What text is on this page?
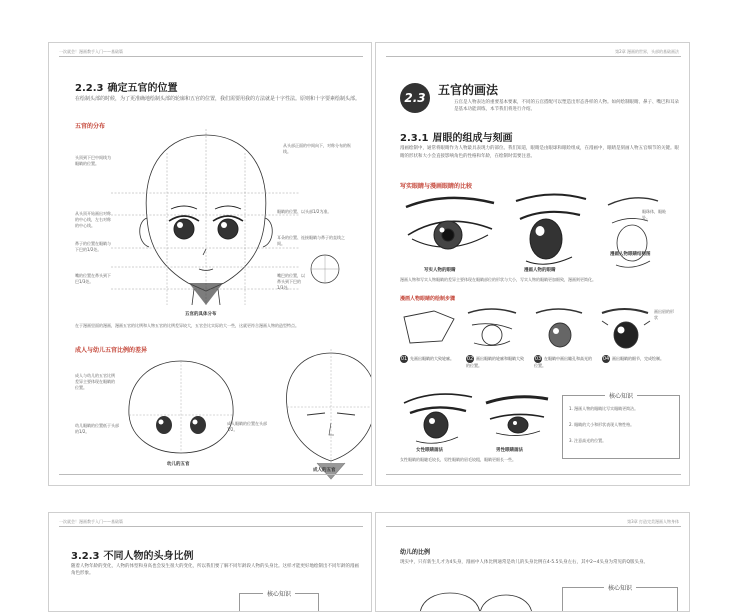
一次就会！漫画教手入门——基础篇
2.2.3 确定五官的位置
在绘制头部的时候，为了更准确地绘制头部的轮廓和五官的位置，我们需要用我的方法就是十字性法。原则和十字要素绘制头部。
五官的分布
头顶到下巴中间线为眼睛的位置。
从头顶开始画出对称的中心线，左右对称的中心线。
鼻子的位置在眼睛与下巴的1/2处。
嘴的位置在鼻头到下巴1/3处。
从头部正面的中间向下，对称分布的纵线。
眼睛的位置、以头部1/2为准。
耳朵的位置、连接眼睛与鼻子的直线之间。
嘴巴的位置，以鼻头到下巴的1/3处。
五官的具体分布
在于漫画里面的漫画，漫画五官的比例和人物五官的比例差异较大，五官会比实际的大一些，这就更符合漫画人物的造型特点。
成人与幼儿五官比例的差异
成人与幼儿的五官比例差异主要体现在眼睛的位置。
幼儿眼睛的位置低于头部的1/2。
成人眼睛的位置在头部1/2。
幼儿的五官
成人的五官
第2章 漫画的世界，头部的基础画法
2.3
五官的画法
五官是人物表达的重要基本要素，不同的五官搭配可以塑造出形态各样的人物。如何绘制眼睛、鼻子、嘴巴和耳朵是基本功能训练，本节我们将进行介绍。
2.3.1 眉眼的组成与刻画
漫画绘制中，通常将眼睛作为人物最具表现力的部位。我们知道，眼睛是由眼球和眼睑组成，在漫画中，眼睛是刻画人物五官细节的关键。眼睛的形状和大小会直接影响角色的性格和年龄，在绘制时需要注意。
写实眼睛与漫画眼睛的比较
眼珠体，眼睑处。
写实人物的眼睛	漫画人物的眼睛
漫画人物眼睛结构图
漫画人物和写实人物眼睛的差异主要体现在眼睛部位的形状与大小，写实人物的眼睛更加细致，漫画则更简化。
漫画人物眼睛的绘制步骤
画出眉的形状
01 先画出眼睛的大致轮廓。	02 画出眼睛的轮廓和眼睛大致的位置。
03 在眼睛中画出瞳孔和高光的位置。
04 画出眼睛的细节，完成绘制。
核心知识
1. 漫画人物的眼睛比写实眼睛更简洁。
2. 眼睛的大小和形状表现人物性格。
3. 注意高光的位置。
女性眼睛画法	男性眼睛画法
女性眼睛的眼睫毛较长，男性眼睛的眉毛较粗，眼睛更细长一些。
一次就会！漫画教手入门——基础篇
3.2.3 不同人物的头身比例
随着人物年龄的变化，人物的体型和身高也会发生很大的变化，所以我们要了解不同年龄段人物的头身比。这样才能更好地绘制出不同年龄的漫画角色形象。
核心知识
第3章 打造完美漫画人物身体
幼儿的比例
现实中，只有新生儿才为4头身，漫画中人体比例通常是幼儿的头身比例在4-5.5头身左右，其中2~4头身为常见的Q版头身。
核心知识
